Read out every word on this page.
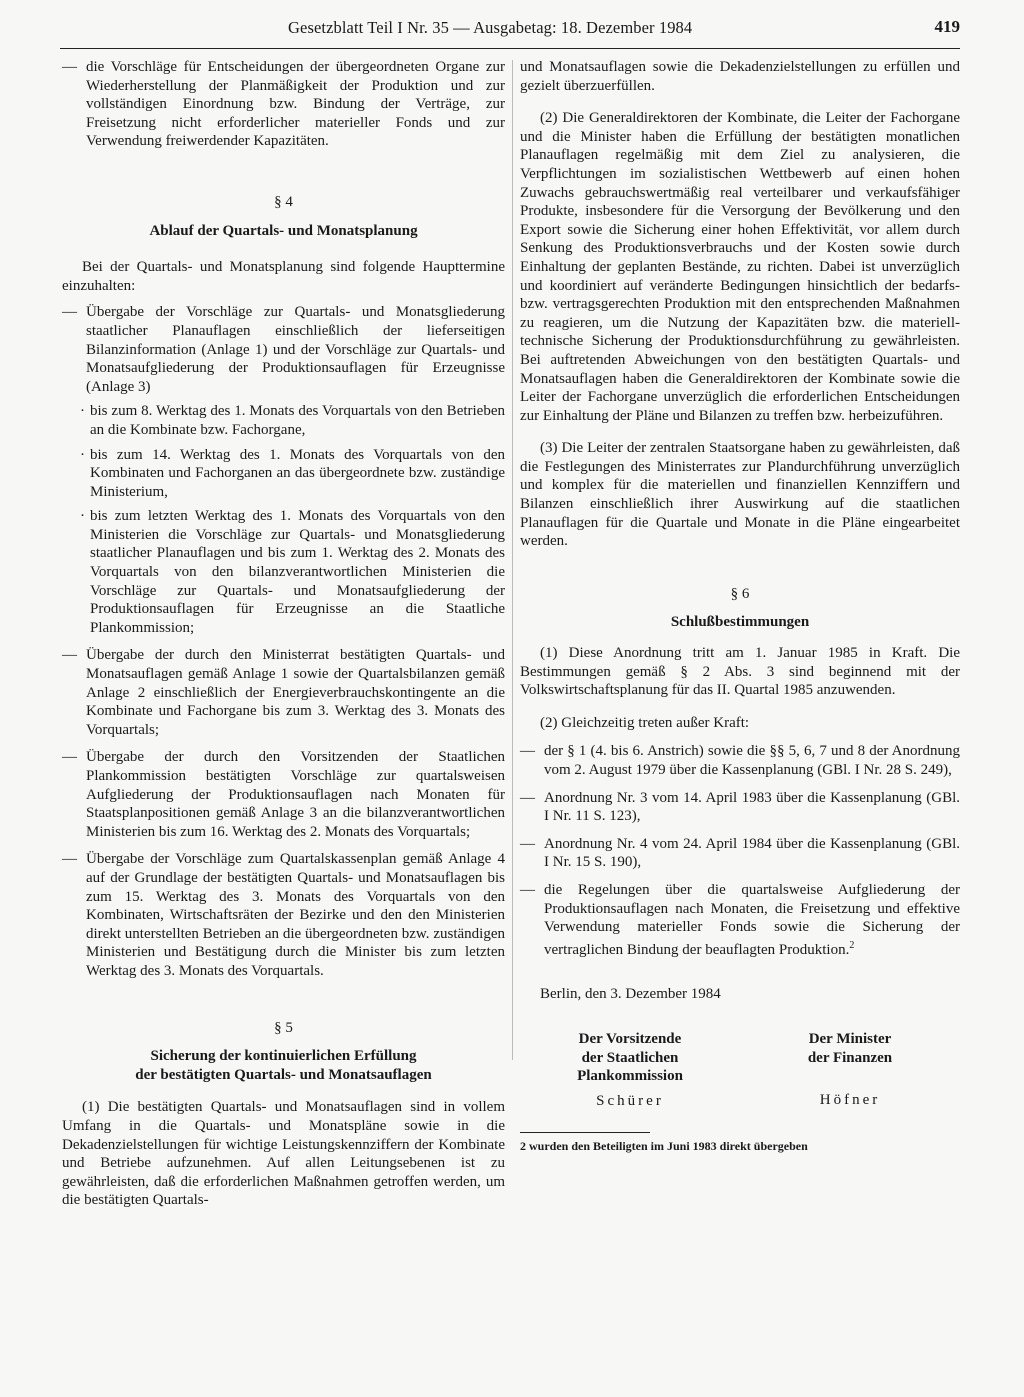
Gesetzblatt Teil I Nr. 35 — Ausgabetag: 18. Dezember 1984	419
— die Vorschläge für Entscheidungen der übergeordneten Organe zur Wiederherstellung der Planmäßigkeit der Produktion und zur vollständigen Einordnung bzw. Bindung der Verträge, zur Freisetzung nicht erforderlicher materieller Fonds und zur Verwendung freiwerdender Kapazitäten.

§ 4

Ablauf der Quartals- und Monatsplanung

Bei der Quartals- und Monatsplanung sind folgende Haupttermine einzuhalten:

— Übergabe der Vorschläge zur Quartals- und Monatsgliederung staatlicher Planauflagen einschließlich der lieferseitigen Bilanzinformation (Anlage 1) und der Vorschläge zur Quartals- und Monatsaufgliederung der Produktionsauflagen für Erzeugnisse (Anlage 3)
· bis zum 8. Werktag des 1. Monats des Vorquartals von den Betrieben an die Kombinate bzw. Fachorgane,
· bis zum 14. Werktag des 1. Monats des Vorquartals von den Kombinaten und Fachorganen an das übergeordnete bzw. zuständige Ministerium,
· bis zum letzten Werktag des 1. Monats des Vorquartals von den Ministerien die Vorschläge zur Quartals- und Monatsgliederung staatlicher Planauflagen und bis zum 1. Werktag des 2. Monats des Vorquartals von den bilanzverantwortlichen Ministerien die Vorschläge zur Quartals- und Monatsaufgliederung der Produktionsauflagen für Erzeugnisse an die Staatliche Plankommission;
— Übergabe der durch den Ministerrat bestätigten Quartals- und Monatsauflagen gemäß Anlage 1 sowie der Quartalsbilanzen gemäß Anlage 2 einschließlich der Energieverbrauchskontingente an die Kombinate und Fachorgane bis zum 3. Werktag des 3. Monats des Vorquartals;
— Übergabe der durch den Vorsitzenden der Staatlichen Plankommission bestätigten Vorschläge zur quartalsweisen Aufgliederung der Produktionsauflagen nach Monaten für Staatsplanpositionen gemäß Anlage 3 an die bilanzverantwortlichen Ministerien bis zum 16. Werktag des 2. Monats des Vorquartals;
— Übergabe der Vorschläge zum Quartalskassenplan gemäß Anlage 4 auf der Grundlage der bestätigten Quartals- und Monatsauflagen bis zum 15. Werktag des 3. Monats des Vorquartals von den Kombinaten, Wirtschaftsräten der Bezirke und den den Ministerien direkt unterstellten Betrieben an die übergeordneten bzw. zuständigen Ministerien und Bestätigung durch die Minister bis zum letzten Werktag des 3. Monats des Vorquartals.

§ 5

Sicherung der kontinuierlichen Erfüllung

der bestätigten Quartals- und Monatsauflagen

(1) Die bestätigten Quartals- und Monatsauflagen sind in vollem Umfang in die Quartals- und Monatspläne sowie in die Dekadenzielstellungen für wichtige Leistungskennziffern der Kombinate und Betriebe aufzunehmen. Auf allen Leitungsebenen ist zu gewährleisten, daß die erforderlichen Maßnahmen getroffen werden, um die bestätigten Quartals-

und Monatsauflagen sowie die Dekadenzielstellungen zu erfüllen und gezielt überzuerfüllen.

(2) Die Generaldirektoren der Kombinate, die Leiter der Fachorgane und die Minister haben die Erfüllung der bestätigten monatlichen Planauflagen regelmäßig mit dem Ziel zu analysieren, die Verpflichtungen im sozialistischen Wettbewerb auf einen hohen Zuwachs gebrauchswertmäßig real verteilbarer und verkaufsfähiger Produkte, insbesondere für die Versorgung der Bevölkerung und den Export sowie die Sicherung einer hohen Effektivität, vor allem durch Senkung des Produktionsverbrauchs und der Kosten sowie durch Einhaltung der geplanten Bestände, zu richten. Dabei ist unverzüglich und koordiniert auf veränderte Bedingungen hinsichtlich der bedarfs- bzw. vertragsgerechten Produktion mit den entsprechenden Maßnahmen zu reagieren, um die Nutzung der Kapazitäten bzw. die materiell-technische Sicherung der Produktionsdurchführung zu gewährleisten. Bei auftretenden Abweichungen von den bestätigten Quartals- und Monatsauflagen haben die Generaldirektoren der Kombinate sowie die Leiter der Fachorgane unverzüglich die erforderlichen Entscheidungen zur Einhaltung der Pläne und Bilanzen zu treffen bzw. herbeizuführen.

(3) Die Leiter der zentralen Staatsorgane haben zu gewährleisten, daß die Festlegungen des Ministerrates zur Plandurchführung unverzüglich und komplex für die materiellen und finanziellen Kennziffern und Bilanzen einschließlich ihrer Auswirkung auf die staatlichen Planauflagen für die Quartale und Monate in die Pläne eingearbeitet werden.

§ 6

Schlußbestimmungen

(1) Diese Anordnung tritt am 1. Januar 1985 in Kraft. Die Bestimmungen gemäß § 2 Abs. 3 sind beginnend mit der Volkswirtschaftsplanung für das II. Quartal 1985 anzuwenden.

(2) Gleichzeitig treten außer Kraft:

— der § 1 (4. bis 6. Anstrich) sowie die §§ 5, 6, 7 und 8 der Anordnung vom 2. August 1979 über die Kassenplanung (GBl. I Nr. 28 S. 249),
— Anordnung Nr. 3 vom 14. April 1983 über die Kassenplanung (GBl. I Nr. 11 S. 123),
— Anordnung Nr. 4 vom 24. April 1984 über die Kassenplanung (GBl. I Nr. 15 S. 190),
— die Regelungen über die quartalsweise Aufgliederung der Produktionsauflagen nach Monaten, die Freisetzung und effektive Verwendung materieller Fonds sowie die Sicherung der vertraglichen Bindung der beauflagten Produktion.$^2$

Berlin, den 3. Dezember 1984

Der Vorsitzende
der Staatlichen
Plankommission
Schürer
Der Minister
der Finanzen
Höfner

2 wurden den Beteiligten im Juni 1983 direkt übergeben
